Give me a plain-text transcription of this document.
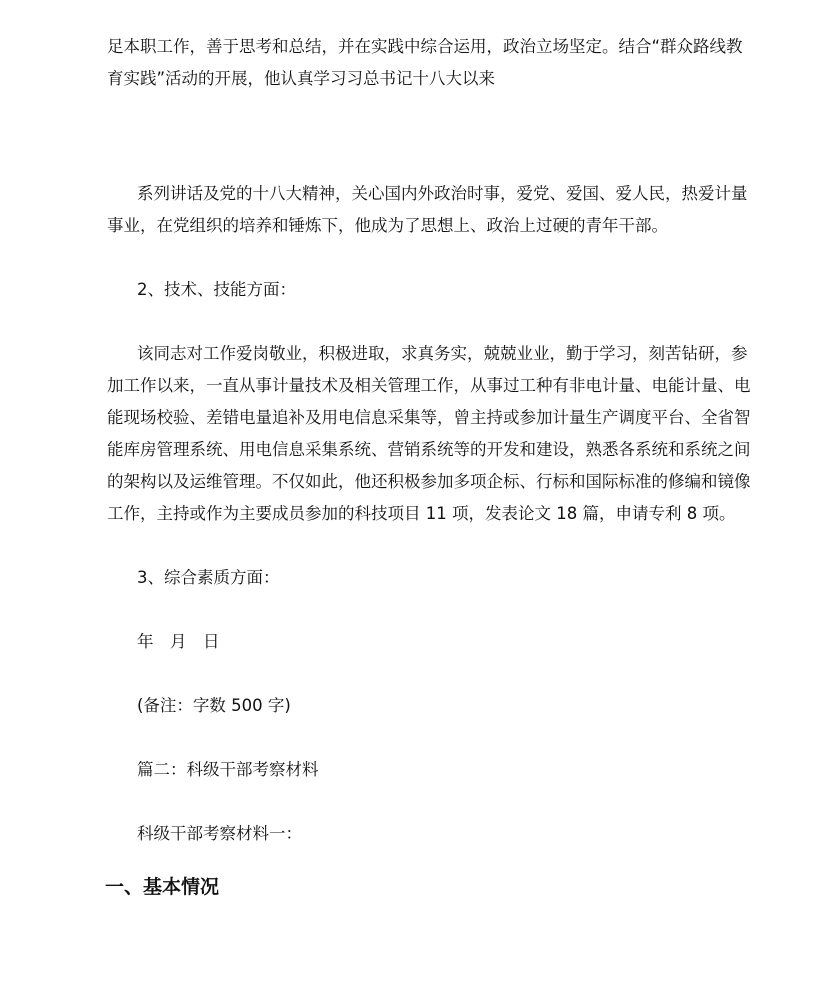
足本职工作，善于思考和总结，并在实践中综合运用，政治立场坚定。结合“群众路线教
育实践”活动的开展，他认真学习习总书记十八大以来
系列讲话及党的十八大精神，关心国内外政治时事，爱党、爱国、爱人民，热爱计量
事业，在党组织的培养和锤炼下，他成为了思想上、政治上过硬的青年干部。
2、技术、技能方面：
该同志对工作爱岗敬业，积极进取，求真务实，兢兢业业，勤于学习，刻苦钻研，参
加工作以来，一直从事计量技术及相关管理工作，从事过工种有非电计量、电能计量、电
能现场校验、差错电量追补及用电信息采集等，曾主持或参加计量生产调度平台、全省智
能库房管理系统、用电信息采集系统、营销系统等的开发和建设，熟悉各系统和系统之间
的架构以及运维管理。不仅如此，他还积极参加多项企标、行标和国际标准的修编和镜像
工作，主持或作为主要成员参加的科技项目 11 项，发表论文 18 篇，申请专利 8 项。
3、综合素质方面：
年　月　日
(备注：字数 500 字)
篇二：科级干部考察材料
科级干部考察材料一：
一、基本情况
